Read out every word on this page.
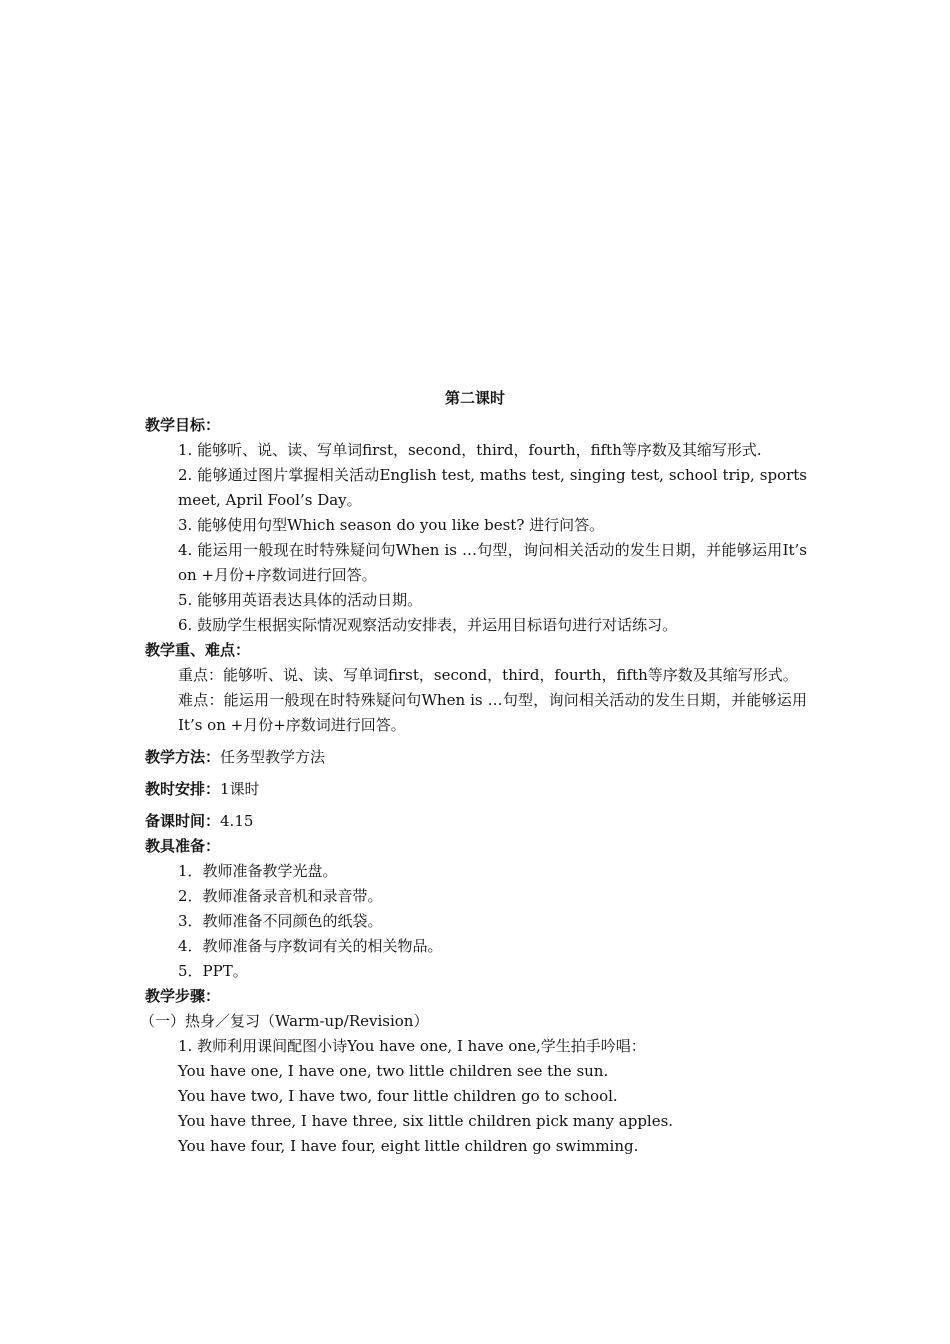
第二课时
教学目标：
1. 能够听、说、读、写单词first，second，third，fourth，fifth等序数及其缩写形式.
2. 能够通过图片掌握相关活动English test, maths test, singing test, school trip, sports meet, April Fool’s Day。
3. 能够使用句型Which season do you like best? 进行问答。
4. 能运用一般现在时特殊疑问句When is …句型，询问相关活动的发生日期，并能够运用It’s on +月份+序数词进行回答。
5. 能够用英语表达具体的活动日期。
6. 鼓励学生根据实际情况观察活动安排表，并运用目标语句进行对话练习。
教学重、难点：
重点：能够听、说、读、写单词first，second，third，fourth，fifth等序数及其缩写形式。
难点：能运用一般现在时特殊疑问句When is …句型，询问相关活动的发生日期，并能够运用It’s on +月份+序数词进行回答。
教学方法：任务型教学方法
教时安排：1课时
备课时间：4.15
教具准备：
1．教师准备教学光盘。
2．教师准备录音机和录音带。
3．教师准备不同颜色的纸袋。
4．教师准备与序数词有关的相关物品。
5．PPT。
教学步骤：
（一）热身／复习（Warm-up/Revision）
1. 教师利用课间配图小诗You have one, I have one,学生拍手吟唱：
You have one, I have one, two little children see the sun.
You have two, I have two, four little children go to school.
You have three, I have three, six little children pick many apples.
You have four, I have four, eight little children go swimming.
